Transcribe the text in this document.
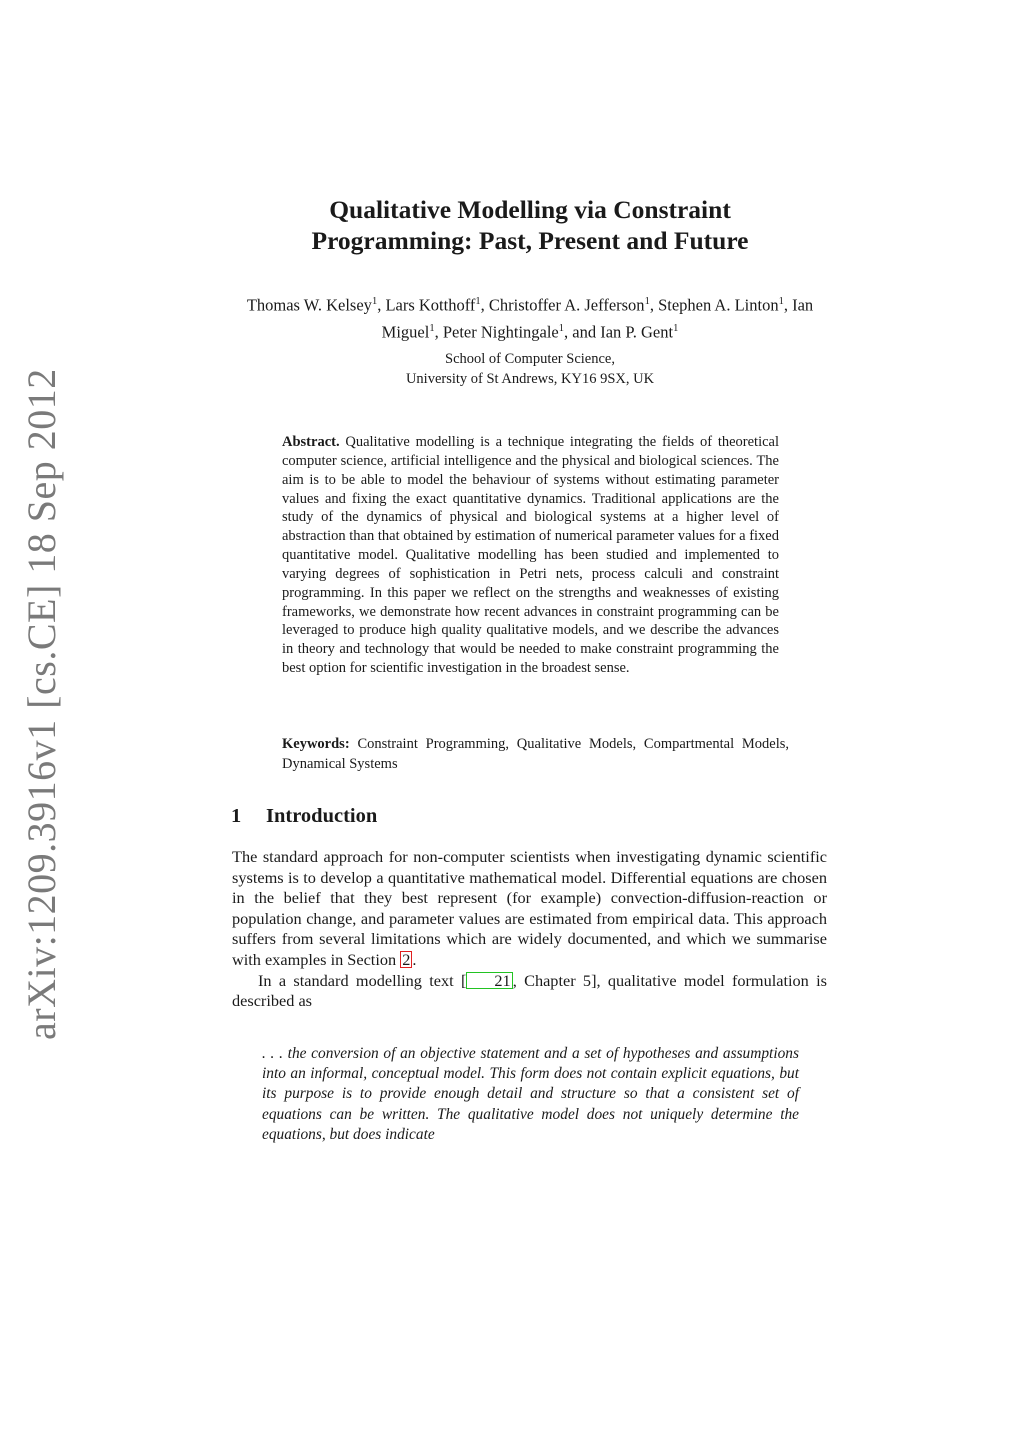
arXiv:1209.3916v1 [cs.CE] 18 Sep 2012
Qualitative Modelling via Constraint
Programming: Past, Present and Future
Thomas W. Kelsey$^1$, Lars Kotthoff$^1$, Christoffer A. Jefferson$^1$, Stephen A. Linton$^1$, Ian Miguel$^1$, Peter Nightingale$^1$, and Ian P. Gent$^1$
School of Computer Science,
University of St Andrews, KY16 9SX, UK
Abstract. Qualitative modelling is a technique integrating the fields of theoretical computer science, artificial intelligence and the physical and biological sciences. The aim is to be able to model the behaviour of systems without estimating parameter values and fixing the exact quantitative dynamics. Traditional applications are the study of the dynamics of physical and biological systems at a higher level of abstraction than that obtained by estimation of numerical parameter values for a fixed quantitative model. Qualitative modelling has been studied and implemented to varying degrees of sophistication in Petri nets, process calculi and constraint programming. In this paper we reflect on the strengths and weaknesses of existing frameworks, we demonstrate how recent advances in constraint programming can be leveraged to produce high quality qualitative models, and we describe the advances in theory and technology that would be needed to make constraint programming the best option for scientific investigation in the broadest sense.
Keywords: Constraint Programming, Qualitative Models, Compartmental Models, Dynamical Systems
1 Introduction

The standard approach for non-computer scientists when investigating dynamic scientific systems is to develop a quantitative mathematical model. Differential equations are chosen in the belief that they best represent (for example) convection-diffusion-reaction or population change, and parameter values are estimated from empirical data. This approach suffers from several limitations which are widely documented, and which we summarise with examples in Section 2 .

In a standard modelling text [ 21 , Chapter 5], qualitative model formulation is described as

. . . the conversion of an objective statement and a set of hypotheses and assumptions into an informal, conceptual model. This form does not contain explicit equations, but its purpose is to provide enough detail and structure so that a consistent set of equations can be written. The qualitative model does not uniquely determine the equations, but does indicate
